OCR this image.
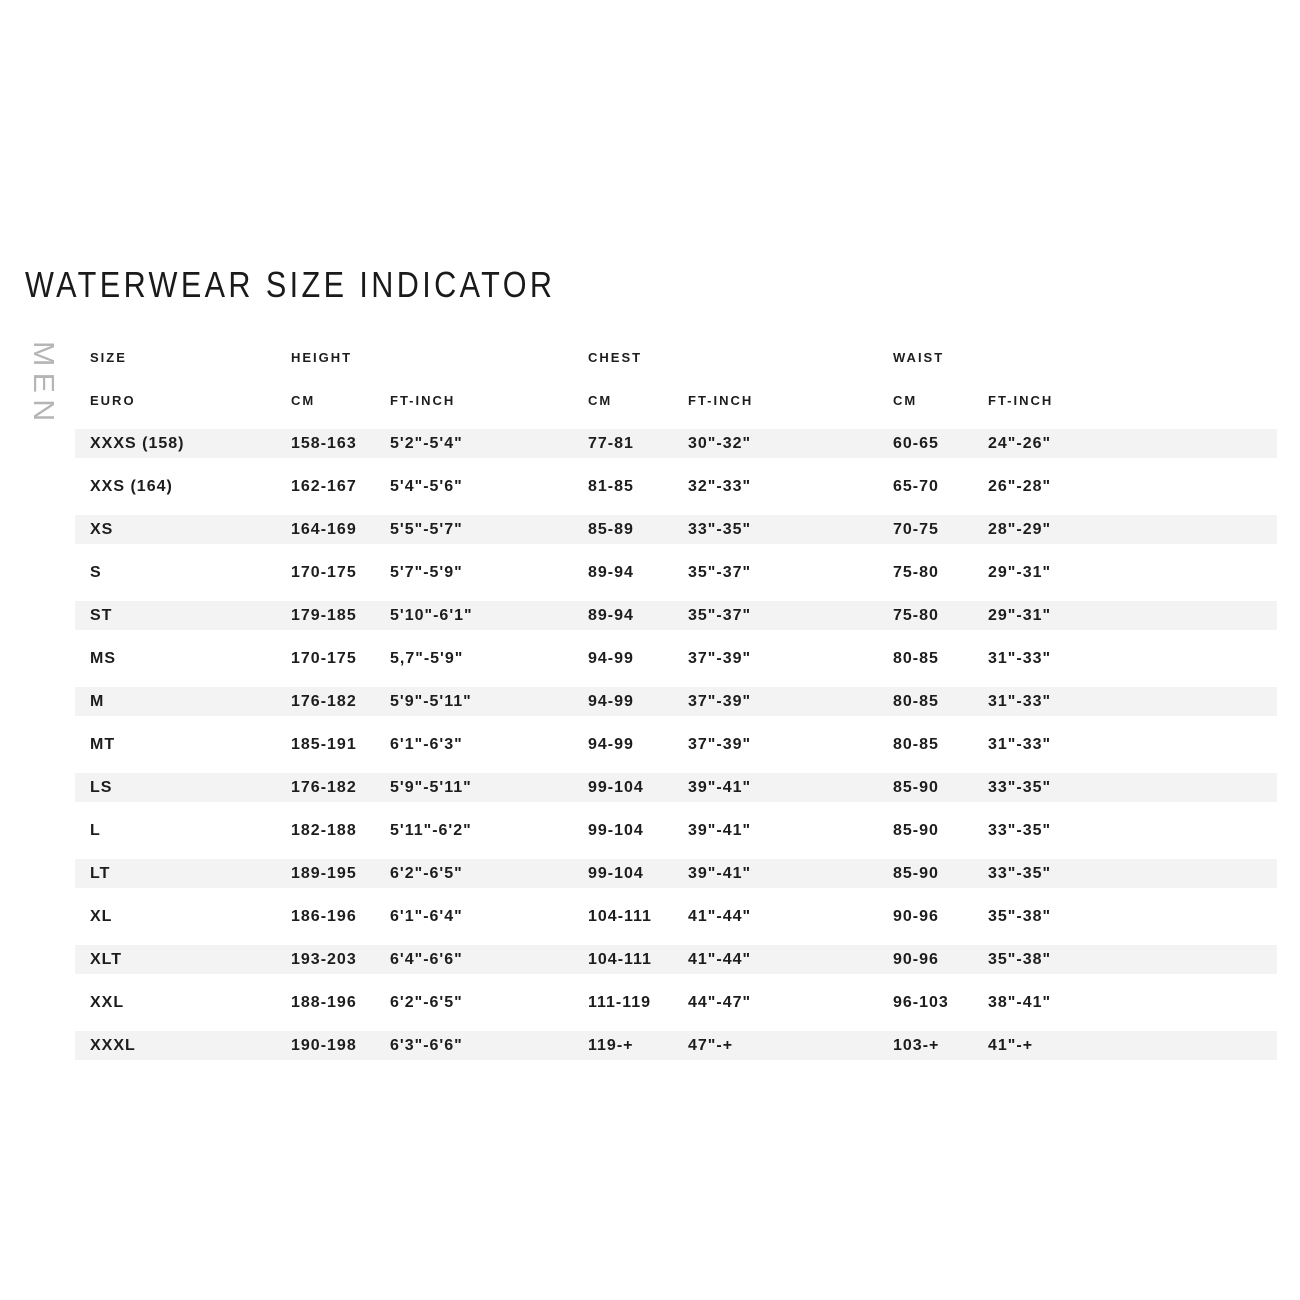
WATERWEAR SIZE INDICATOR
MEN SIZE	HEIGHT	CHEST	WAIST
EURO	CM	FT-INCH	CM	FT-INCH	CM	FT-INCH
XXXS (158)	158-163	5'2"-5'4"	77-81	30"-32"	60-65	24"-26"
XXS (164)	162-167	5'4"-5'6"	81-85	32"-33"	65-70	26"-28"
XS	164-169	5'5"-5'7"	85-89	33"-35"	70-75	28"-29"
S	170-175	5'7"-5'9"	89-94	35"-37"	75-80	29"-31"
ST	179-185	5'10"-6'1"	89-94	35"-37"	75-80	29"-31"
MS	170-175	5,7"-5'9"	94-99	37"-39"	80-85	31"-33"
M	176-182	5'9"-5'11"	94-99	37"-39"	80-85	31"-33"
MT	185-191	6'1"-6'3"	94-99	37"-39"	80-85	31"-33"
LS	176-182	5'9"-5'11"	99-104	39"-41"	85-90	33"-35"
L	182-188	5'11"-6'2"	99-104	39"-41"	85-90	33"-35"
LT	189-195	6'2"-6'5"	99-104	39"-41"	85-90	33"-35"
XL	186-196	6'1"-6'4"	104-111	41"-44"	90-96	35"-38"
XLT	193-203	6'4"-6'6"	104-111	41"-44"	90-96	35"-38"
XXL	188-196	6'2"-6'5"	111-119	44"-47"	96-103	38"-41"
XXXL	190-198	6'3"-6'6"	119-+	47"-+	103-+	41"-+
